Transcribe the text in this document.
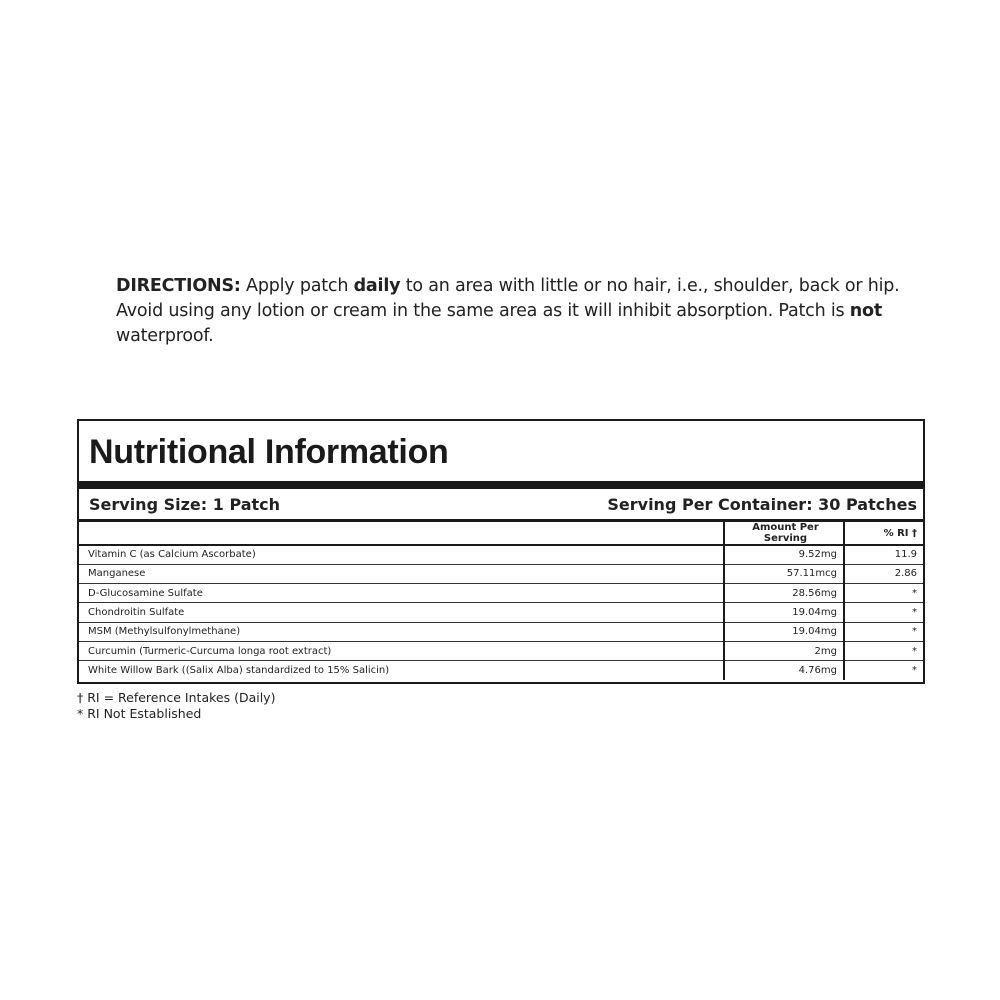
DIRECTIONS: Apply patch daily to an area with little or no hair, i.e., shoulder, back or hip. Avoid using any lotion or cream in the same area as it will inhibit absorption. Patch is not waterproof.
Nutritional Information
Serving Size: 1 Patch	Serving Per Container: 30 Patches
	Amount Per Serving	% RI †
Vitamin C (as Calcium Ascorbate)	9.52mg	11.9
Manganese	57.11mcg	2.86
D-Glucosamine Sulfate	28.56mg	*
Chondroitin Sulfate	19.04mg	*
MSM (Methylsulfonylmethane)	19.04mg	*
Curcumin (Turmeric-Curcuma longa root extract)	2mg	*
White Willow Bark ((Salix Alba) standardized to 15% Salicin)	4.76mg	*
† RI = Reference Intakes (Daily)
* RI Not Established
